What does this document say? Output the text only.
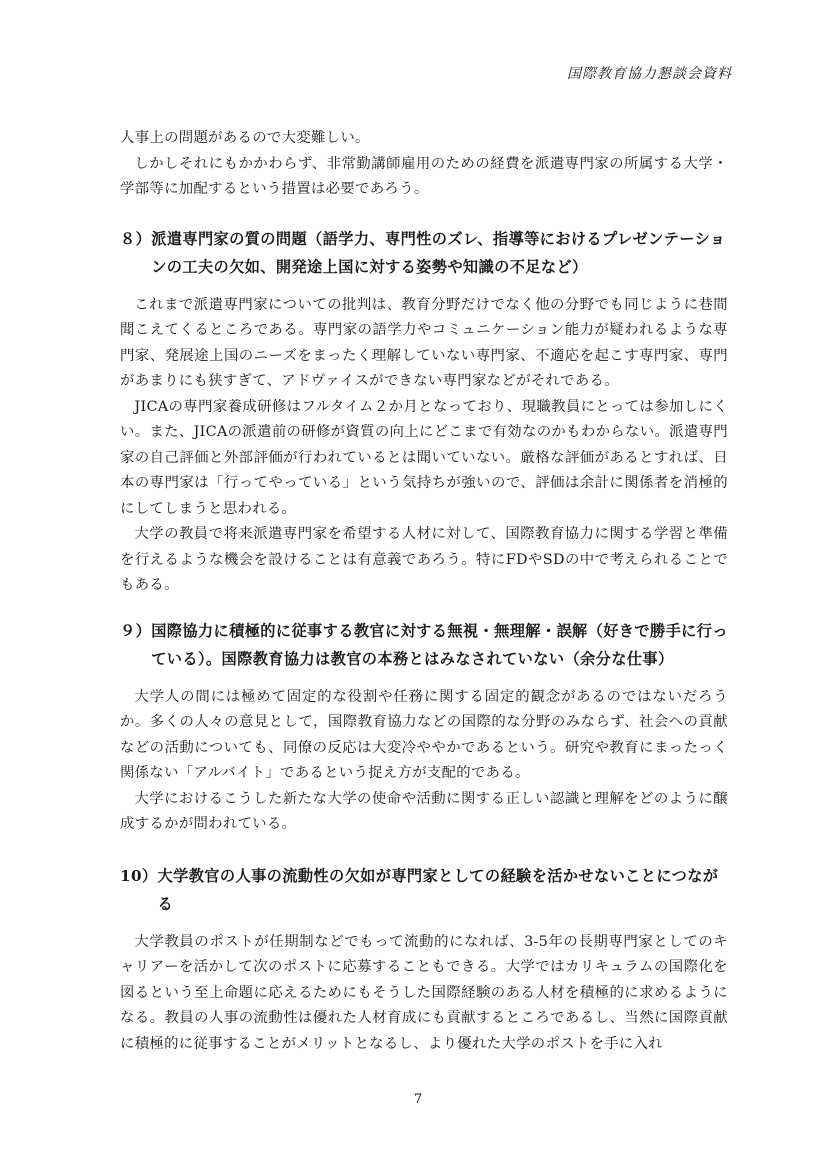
国際教育協力懇談会資料

人事上の問題があるので大変難しい。

しかしそれにもかかわらず、非常勤講師雇用のための経費を派遣専門家の所属する大学・学部等に加配するという措置は必要であろう。

８） 派遣専門家の質の問題（語学力、専門性のズレ、指導等におけるプレゼンテーションの工夫の欠如、開発途上国に対する姿勢や知識の不足など）

これまで派遣専門家についての批判は、教育分野だけでなく他の分野でも同じように巷間聞こえてくるところである。専門家の語学力やコミュニケーション能力が疑われるような専門家、発展途上国のニーズをまったく理解していない専門家、不適応を起こす専門家、専門があまりにも狭すぎて、アドヴァイスができない専門家などがそれである。

JICAの専門家養成研修はフルタイム２か月となっており、現職教員にとっては参加しにくい。また、JICAの派遣前の研修が資質の向上にどこまで有効なのかもわからない。派遣専門家の自己評価と外部評価が行われているとは聞いていない。厳格な評価があるとすれば、日本の専門家は「行ってやっている」という気持ちが強いので、評価は余計に関係者を消極的にしてしまうと思われる。

大学の教員で将来派遣専門家を希望する人材に対して、国際教育協力に関する学習と準備を行えるような機会を設けることは有意義であろう。特にFDやSDの中で考えられることでもある。

９） 国際協力に積極的に従事する教官に対する無視・無理解・誤解（好きで勝手に行っている）。国際教育協力は教官の本務とはみなされていない（余分な仕事）

大学人の間には極めて固定的な役割や任務に関する固定的観念があるのではないだろうか。多くの人々の意見として，国際教育協力などの国際的な分野のみならず、社会への貢献などの活動についても、同僚の反応は大変冷ややかであるという。研究や教育にまったっく関係ない「アルバイト」であるという捉え方が支配的である。

大学におけるこうした新たな大学の使命や活動に関する正しい認識と理解をどのように醸成するかが問われている。

10） 大学教官の人事の流動性の欠如が専門家としての経験を活かせないことにつながる

大学教員のポストが任期制などでもって流動的になれば、3-5年の長期専門家としてのキャリアーを活かして次のポストに応募することもできる。大学ではカリキュラムの国際化を図るという至上命題に応えるためにもそうした国際経験のある人材を積極的に求めるようになる。教員の人事の流動性は優れた人材育成にも貢献するところであるし、当然に国際貢献に積極的に従事することがメリットとなるし、より優れた大学のポストを手に入れ

7
